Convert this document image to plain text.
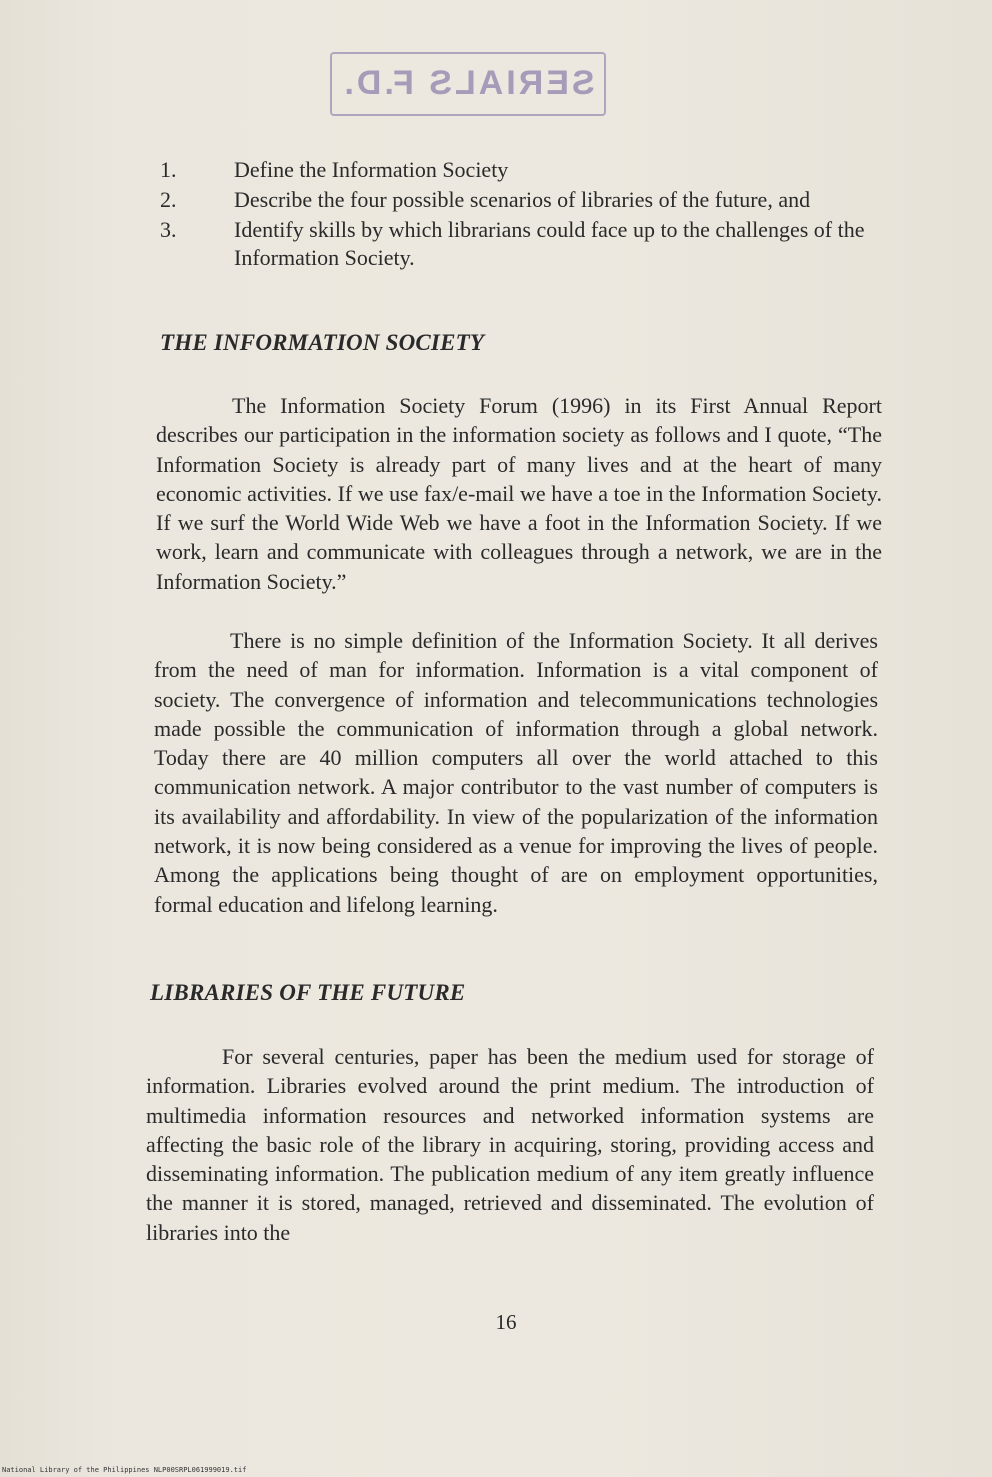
SERIALS F.D.
1.	Define the Information Society
2.	Describe the four possible scenarios of libraries of the future, and
3.	Identify skills by which librarians could face up to the challenges of the Information Society.
THE INFORMATION SOCIETY

The Information Society Forum (1996) in its First Annual Report describes our participation in the information society as follows and I quote, “The Information Society is already part of many lives and at the heart of many economic activities. If we use fax/e-mail we have a toe in the Information Society. If we surf the World Wide Web we have a foot in the Information Society. If we work, learn and communicate with colleagues through a network, we are in the Information Society.”

There is no simple definition of the Information Society. It all derives from the need of man for information. Information is a vital component of society. The convergence of information and telecommunications technologies made possible the communication of information through a global network. Today there are 40 million computers all over the world attached to this communication network. A major contributor to the vast number of computers is its availability and affordability. In view of the popularization of the information network, it is now being considered as a venue for improving the lives of people. Among the applications being thought of are on employment opportunities, formal education and lifelong learning.

LIBRARIES OF THE FUTURE

For several centuries, paper has been the medium used for storage of information. Libraries evolved around the print medium. The introduction of multimedia information resources and networked information systems are affecting the basic role of the library in acquiring, storing, providing access and disseminating information. The publication medium of any item greatly influence the manner it is stored, managed, retrieved and disseminated. The evolution of libraries into the

16
National Library of the Philippines NLP00SRPL061999019.tif
